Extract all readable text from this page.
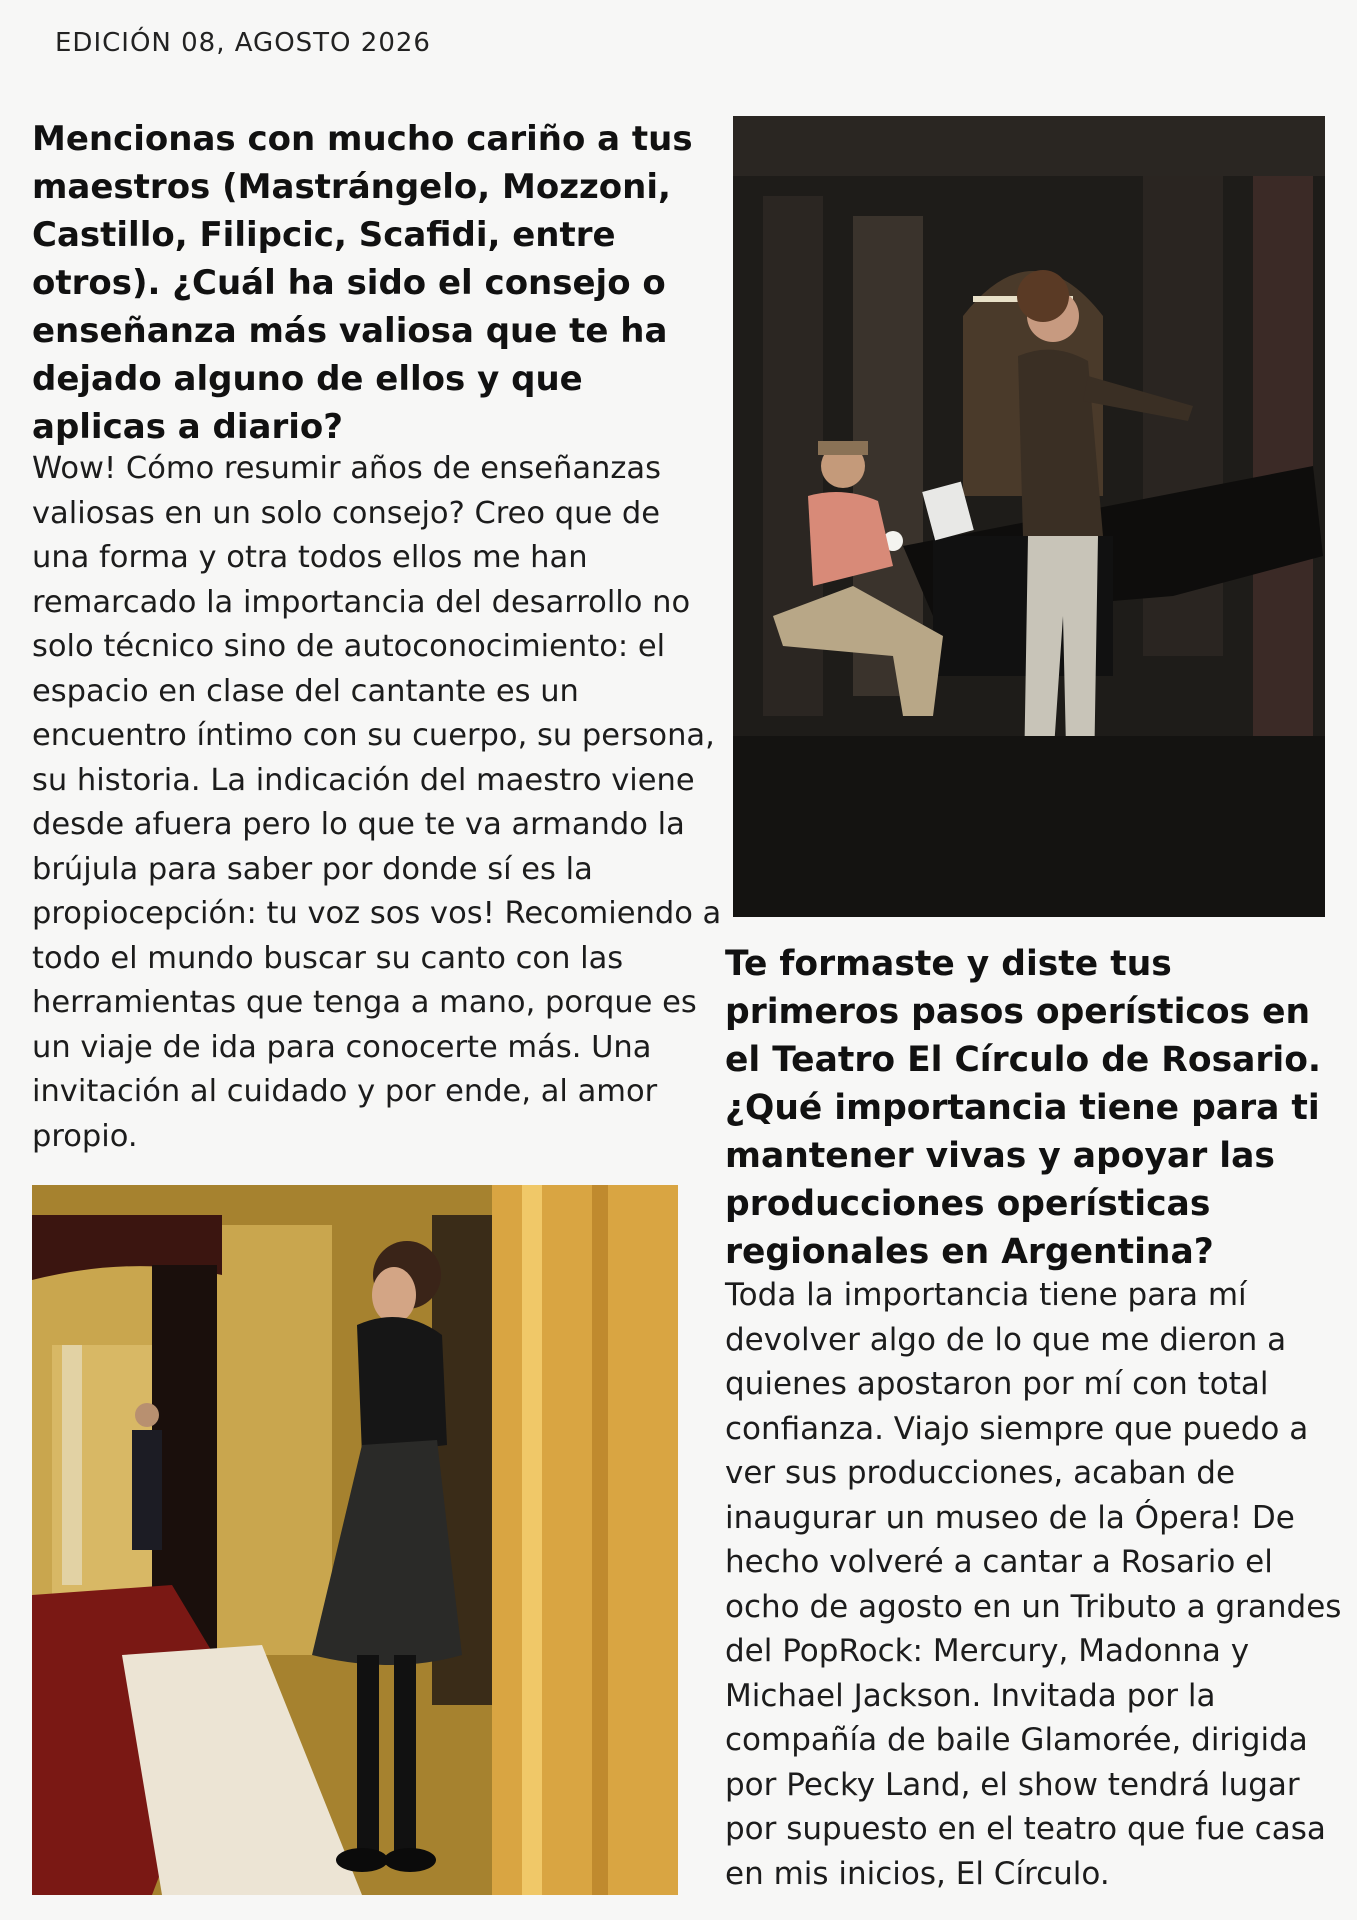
EDICIÓN 08, AGOSTO 2026
Mencionas con mucho cariño a tus maestros (Mastrángelo, Mozzoni, Castillo, Filipcic, Scafidi, entre otros). ¿Cuál ha sido el consejo o enseñanza más valiosa que te ha dejado alguno de ellos y que aplicas a diario?

Wow! Cómo resumir años de enseñanzas valiosas en un solo consejo? Creo que de una forma y otra todos ellos me han remarcado la importancia del desarrollo no solo técnico sino de autoconocimiento: el espacio en clase del cantante es un encuentro íntimo con su cuerpo, su persona, su historia. La indicación del maestro viene desde afuera pero lo que te va armando la brújula para saber por donde sí es la propiocepción: tu voz sos vos! Recomiendo a todo el mundo buscar su canto con las herramientas que tenga a mano, porque es un viaje de ida para conocerte más. Una invitación al cuidado y por ende, al amor propio.

Te formaste y diste tus primeros pasos operísticos en el Teatro El Círculo de Rosario. ¿Qué importancia tiene para ti mantener vivas y apoyar las producciones operísticas regionales en Argentina?

Toda la importancia tiene para mí devolver algo de lo que me dieron a quienes apostaron por mí con total confianza. Viajo siempre que puedo a ver sus producciones, acaban de inaugurar un museo de la Ópera! De hecho volveré a cantar a Rosario el ocho de agosto en un Tributo a grandes del PopRock: Mercury, Madonna y Michael Jackson. Invitada por la compañía de baile Glamorée, dirigida por Pecky Land, el show tendrá lugar por supuesto en el teatro que fue casa en mis inicios, El Círculo.
